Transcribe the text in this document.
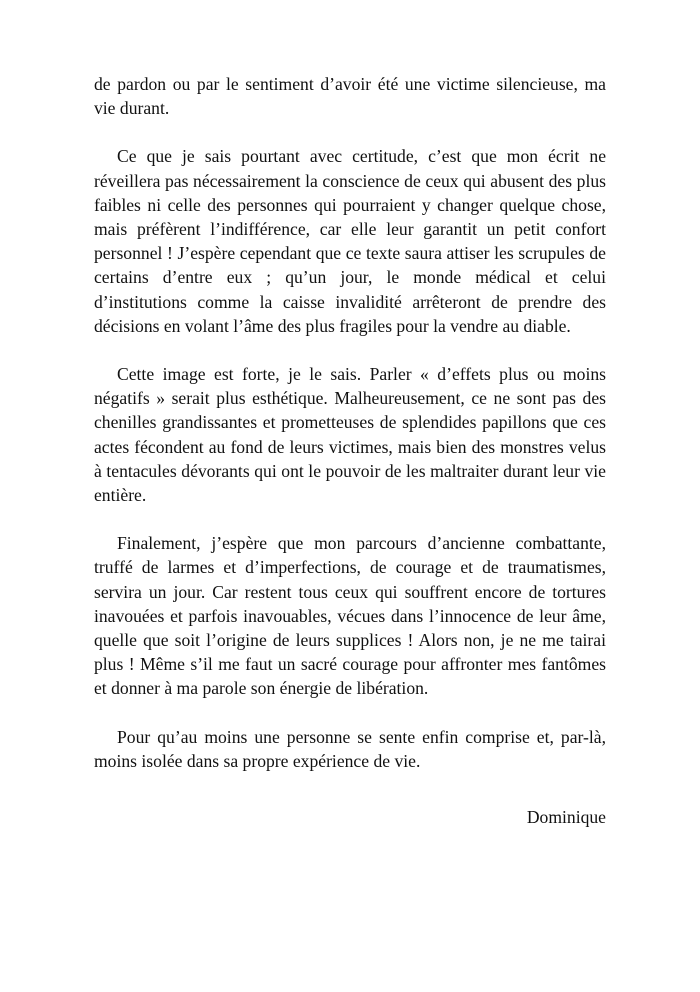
de pardon ou par le sentiment d’avoir été une victime silencieuse, ma vie durant.

Ce que je sais pourtant avec certitude, c’est que mon écrit ne réveillera pas nécessairement la conscience de ceux qui abusent des plus faibles ni celle des personnes qui pourraient y changer quelque chose, mais préfèrent l’indifférence, car elle leur garantit un petit confort personnel ! J’espère cependant que ce texte saura attiser les scrupules de certains d’entre eux ; qu’un jour, le monde médical et celui d’institutions comme la caisse invalidité arrêteront de prendre des décisions en volant l’âme des plus fragiles pour la vendre au diable.

Cette image est forte, je le sais. Parler « d’effets plus ou moins négatifs » serait plus esthétique. Malheureusement, ce ne sont pas des chenilles grandissantes et prometteuses de splendides papillons que ces actes fécondent au fond de leurs victimes, mais bien des monstres velus à tentacules dévorants qui ont le pouvoir de les maltraiter durant leur vie entière.

Finalement, j’espère que mon parcours d’ancienne combattante, truffé de larmes et d’imperfections, de courage et de traumatismes, servira un jour. Car restent tous ceux qui souffrent encore de tortures inavouées et parfois inavouables, vécues dans l’innocence de leur âme, quelle que soit l’origine de leurs supplices ! Alors non, je ne me tairai plus ! Même s’il me faut un sacré courage pour affronter mes fantômes et donner à ma parole son énergie de libération.

Pour qu’au moins une personne se sente enfin comprise et, par-là, moins isolée dans sa propre expérience de vie.

Dominique
